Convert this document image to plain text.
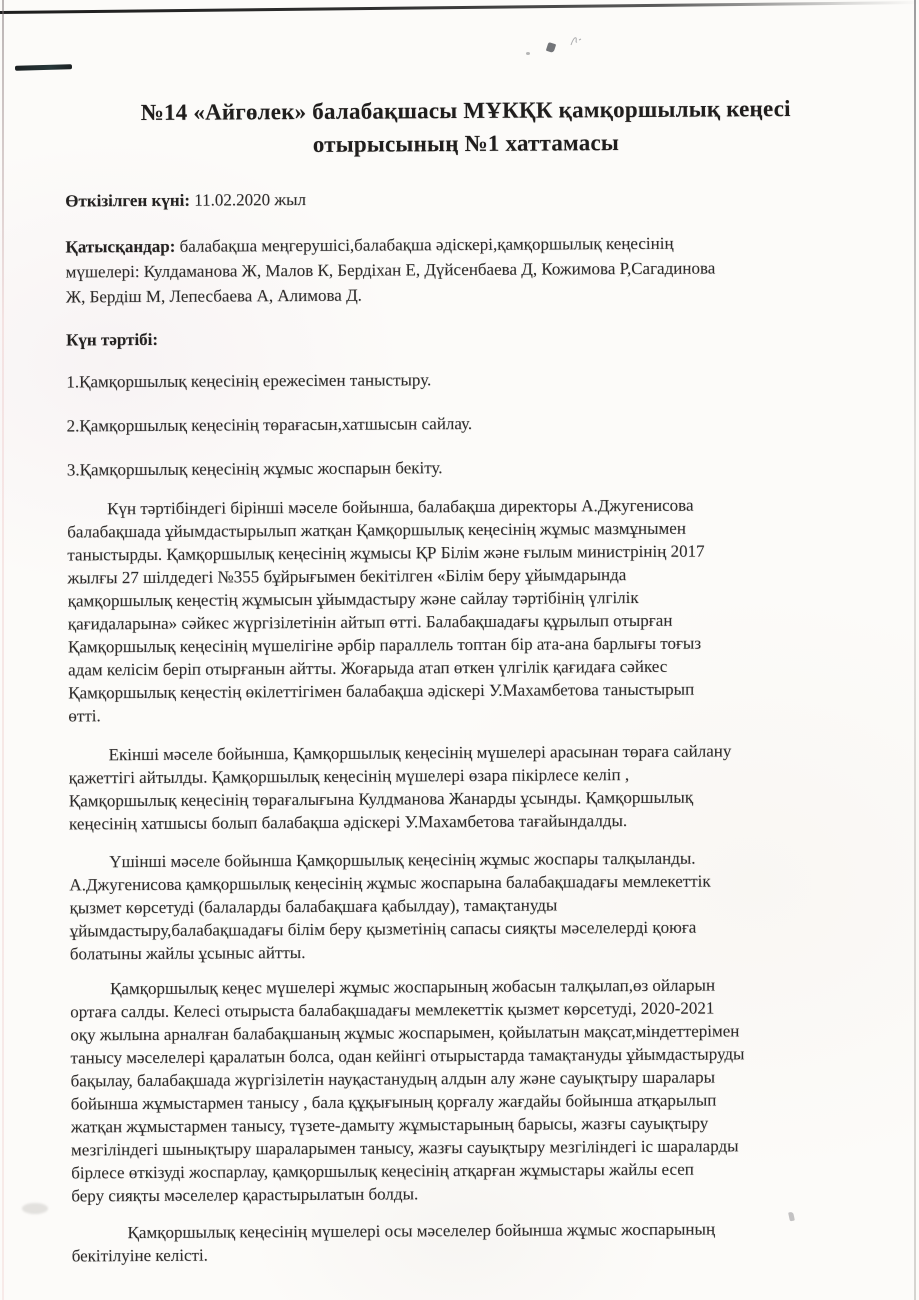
№14 «Айгөлек» балабақшасы МҰКҚК қамқоршылық кеңесі
отырысының №1 хаттамасы

Өткізілген күні: 11.02.2020 жыл

Қатысқандар: балабақша меңгерушісі,балабақша әдіскері,қамқоршылық кеңесінің
мүшелері: Кулдаманова Ж, Малов К, Бердіхан Е, Дүйсенбаева Д, Кожимова Р,Сагадинова
Ж, Бердіш М, Лепесбаева А, Алимова Д.

Күн тәртібі:

1.Қамқоршылық кеңесінің ережесімен таныстыру.

2.Қамқоршылық кеңесінің төрағасын,хатшысын сайлау.

3.Қамқоршылық кеңесінің жұмыс жоспарын бекіту.

Күн тәртібіндегі бірінші мәселе бойынша, балабақша директоры А.Джугенисова
балабақшада ұйымдастырылып жатқан Қамқоршылық кеңесінің жұмыс мазмұнымен
таныстырды. Қамқоршылық кеңесінің жұмысы ҚР Білім және ғылым министрінің 2017
жылғы 27 шілдедегі №355 бұйрығымен бекітілген «Білім беру ұйымдарында
қамқоршылық кеңестің жұмысын ұйымдастыру және сайлау тәртібінің үлгілік
қағидаларына» сәйкес жүргізілетінін айтып өтті. Балабақшадағы құрылып отырған
Қамқоршылық кеңесінің мүшелігіне әрбір параллель топтан бір ата-ана барлығы тоғыз
адам келісім беріп отырғанын айтты. Жоғарыда атап өткен үлгілік қағидаға сәйкес
Қамқоршылық кеңестің өкілеттігімен балабақша әдіскері У.Махамбетова таныстырып
өтті.

Екінші мәселе бойынша, Қамқоршылық кеңесінің мүшелері арасынан төраға сайлану
қажеттігі айтылды. Қамқоршылық кеңесінің мүшелері өзара пікірлесе келіп ,
Қамқоршылық кеңесінің төрағалығына Кулдманова Жанарды ұсынды. Қамқоршылық
кеңесінің хатшысы болып балабақша әдіскері У.Махамбетова тағайындалды.

Үшінші мәселе бойынша Қамқоршылық кеңесінің жұмыс жоспары талқыланды.
А.Джугенисова қамқоршылық кеңесінің жұмыс жоспарына балабақшадағы мемлекеттік
қызмет көрсетуді (балаларды балабақшаға қабылдау), тамақтануды
ұйымдастыру,балабақшадағы білім беру қызметінің сапасы сияқты мәселелерді қоюға
болатыны жайлы ұсыныс айтты.

Қамқоршылық кеңес мүшелері жұмыс жоспарының жобасын талқылап,өз ойларын
ортаға салды. Келесі отырыста балабақшадағы мемлекеттік қызмет көрсетуді, 2020-2021
оқу жылына арналған балабақшаның жұмыс жоспарымен, қойылатын мақсат,міндеттерімен
танысу мәселелері қаралатын болса, одан кейінгі отырыстарда тамақтануды ұйымдастыруды
бақылау, балабақшада жүргізілетін науқастанудың алдын алу және сауықтыру шаралары
бойынша жұмыстармен танысу , бала құқығының қорғалу жағдайы бойынша атқарылып
жатқан жұмыстармен танысу, түзете-дамыту жұмыстарының барысы, жазғы сауықтыру
мезгіліндегі шынықтыру шараларымен танысу, жазғы сауықтыру мезгіліндегі іс шараларды
бірлесе өткізуді жоспарлау, қамқоршылық кеңесінің атқарған жұмыстары жайлы есеп
беру сияқты мәселелер қарастырылатын болды.

Қамқоршылық кеңесінің мүшелері осы мәселелер бойынша жұмыс жоспарының
бекітілуіне келісті.
